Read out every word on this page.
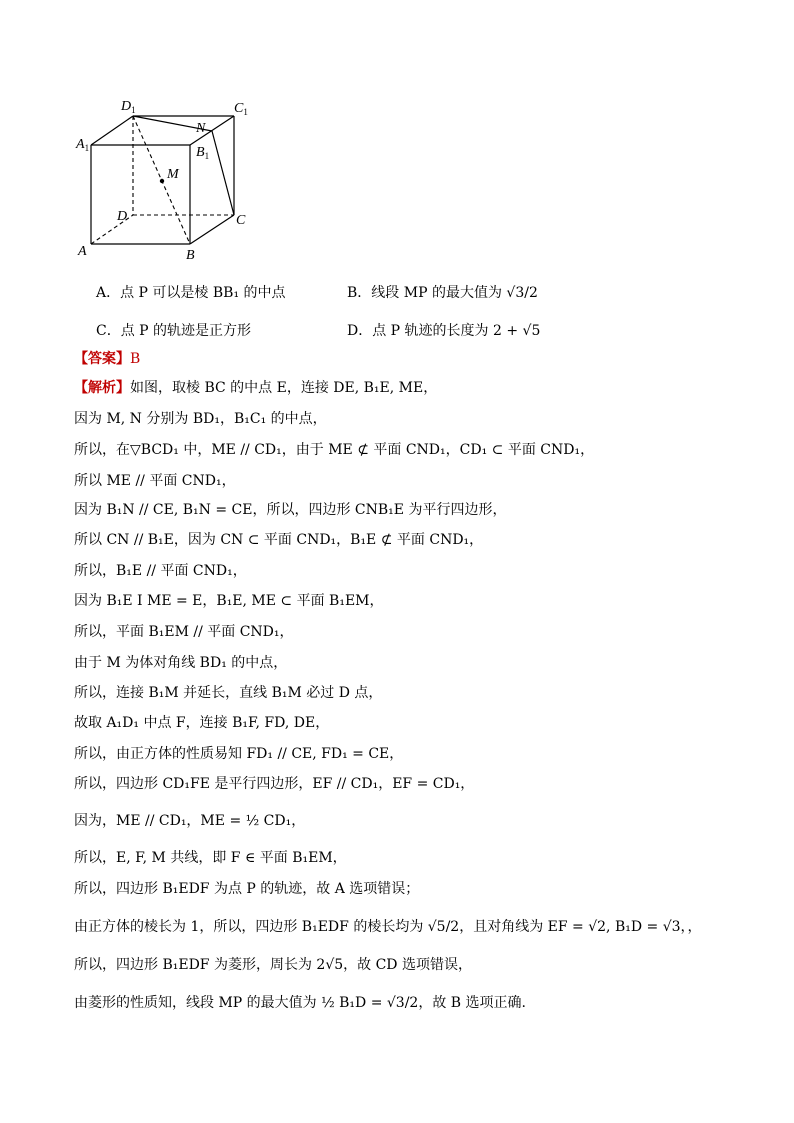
$D_1$	$C_1$
$A_1$
N
$B_1$
M
D	C
A	B
A．点 P 可以是棱 BB₁ 的中点	B．线段 MP 的最大值为 √3/2
C．点 P 的轨迹是正方形	D．点 P 轨迹的长度为 2 + √5
【答案】B
【解析】如图，取棱 BC 的中点 E，连接 DE, B₁E, ME，
因为 M, N 分别为 BD₁，B₁C₁ 的中点，
所以，在▽BCD₁ 中，ME // CD₁，由于 ME ⊄ 平面 CND₁，CD₁ ⊂ 平面 CND₁，
所以 ME // 平面 CND₁，
因为 B₁N // CE, B₁N = CE，所以，四边形 CNB₁E 为平行四边形，
所以 CN // B₁E，因为 CN ⊂ 平面 CND₁，B₁E ⊄ 平面 CND₁，
所以，B₁E // 平面 CND₁，
因为 B₁E I ME = E，B₁E, ME ⊂ 平面 B₁EM，
所以，平面 B₁EM // 平面 CND₁，
由于 M 为体对角线 BD₁ 的中点，
所以，连接 B₁M 并延长，直线 B₁M 必过 D 点，
故取 A₁D₁ 中点 F，连接 B₁F, FD, DE，
所以，由正方体的性质易知 FD₁ // CE, FD₁ = CE，
所以，四边形 CD₁FE 是平行四边形，EF // CD₁，EF = CD₁，
因为，ME // CD₁，ME = ½ CD₁，
所以，E, F, M 共线，即 F ∈ 平面 B₁EM，
所以，四边形 B₁EDF 为点 P 的轨迹，故 A 选项错误；
由正方体的棱长为 1，所以，四边形 B₁EDF 的棱长均为 √5/2，且对角线为 EF = √2, B₁D = √3，，
所以，四边形 B₁EDF 为菱形，周长为 2√5，故 CD 选项错误，
由菱形的性质知，线段 MP 的最大值为 ½ B₁D = √3/2，故 B 选项正确.
